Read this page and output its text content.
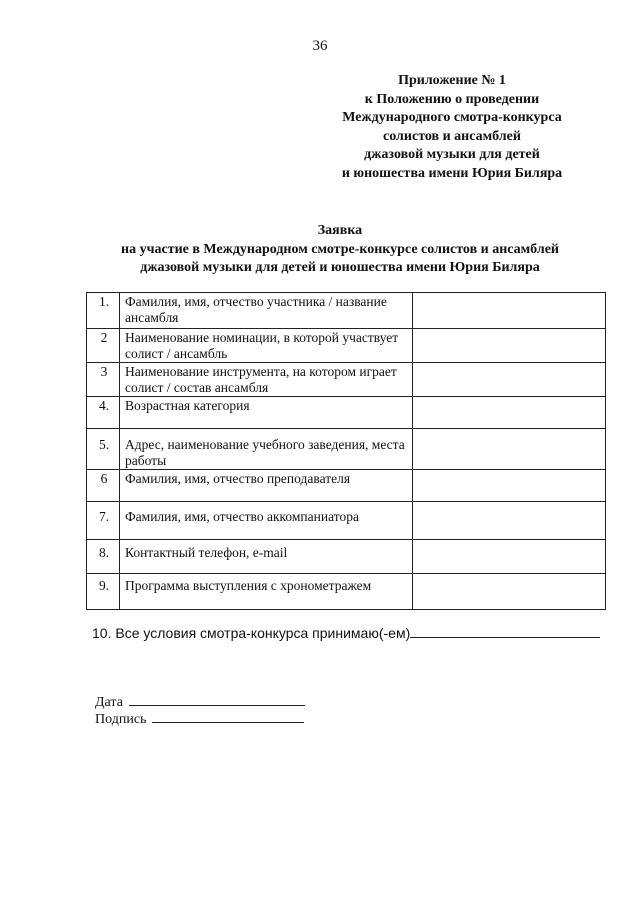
36
Приложение № 1
к Положению о проведении
Международного смотра-конкурса
солистов и ансамблей
джазовой музыки для детей
и юношества имени Юрия Биляра
Заявка
на участие в Международном смотре-конкурсе солистов и ансамблей
джазовой музыки для детей и юношества имени Юрия Биляра
1.	Фамилия, имя, отчество участника / название ансамбля	
2	Наименование номинации, в которой участвует солист / ансамбль	
3	Наименование инструмента, на котором играет солист / состав ансамбля	
4.	Возрастная категория	
5.	Адрес, наименование учебного заведения, места работы	
6	Фамилия, имя, отчество преподавателя	
7.	Фамилия, имя, отчество аккомпаниатора	
8.	Контактный телефон, e-mail	
9.	Программа выступления с хронометражем	
10. Все условия смотра-конкурса принимаю(-ем)
Дата
Подпись
